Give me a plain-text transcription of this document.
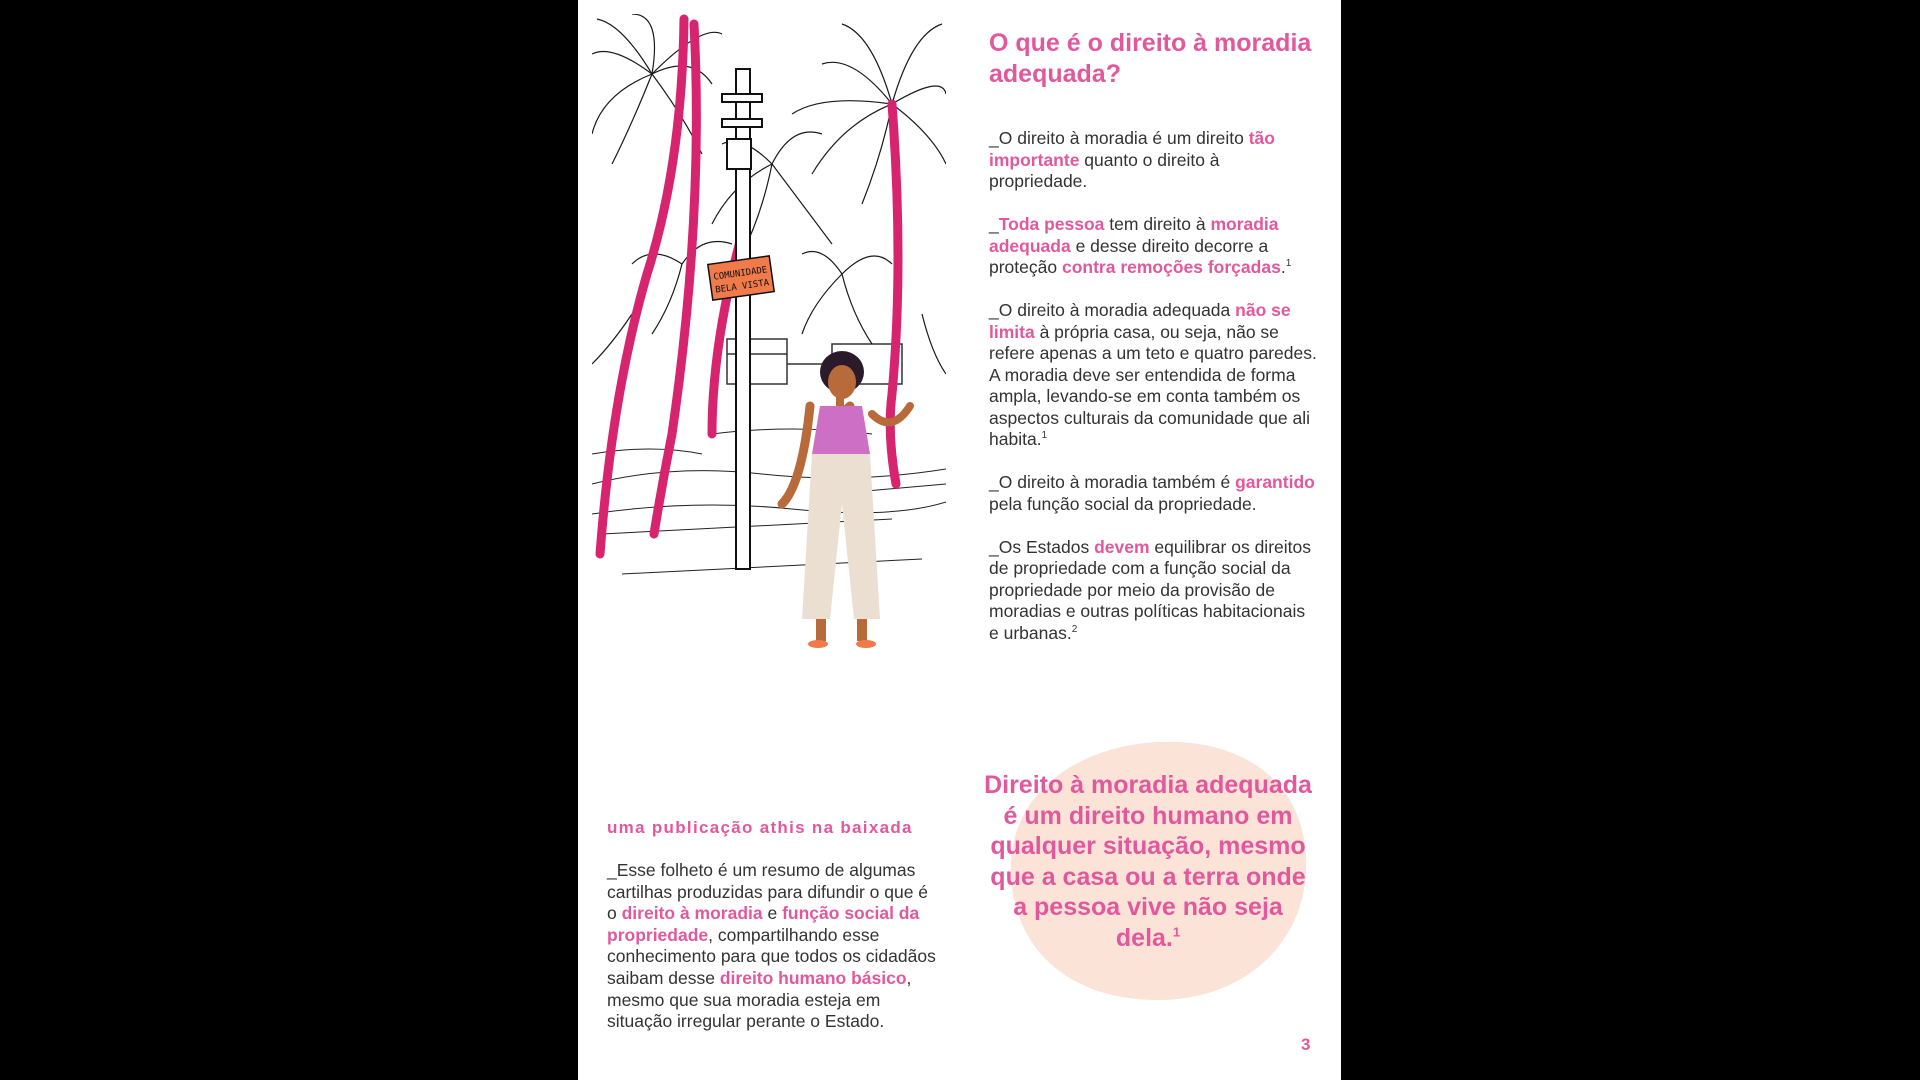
COMUNIDADE
BELA VISTA
O que é o direito à moradia adequada?

_O direito à moradia é um direito tão importante quanto o direito à propriedade.

_Toda pessoa tem direito à moradia adequada e desse direito decorre a proteção contra remoções forçadas.$^1$

_O direito à moradia adequada não se limita à própria casa, ou seja, não se refere apenas a um teto e quatro paredes. A moradia deve ser entendida de forma ampla, levando-se em conta também os aspectos culturais da comunidade que ali habita.$^1$

_O direito à moradia também é garantido pela função social da propriedade.

_Os Estados devem equilibrar os direitos de propriedade com a função social da propriedade por meio da provisão de moradias e outras políticas habitacionais e urbanas.$^2$

uma publicação athis na baixada

_Esse folheto é um resumo de algumas cartilhas produzidas para difundir o que é o direito à moradia e função social da propriedade, compartilhando esse conhecimento para que todos os cidadãos saibam desse direito humano básico, mesmo que sua moradia esteja em situação irregular perante o Estado.

Direito à moradia adequada é um direito humano em qualquer situação, mesmo que a casa ou a terra onde a pessoa vive não seja dela.$^1$

3
